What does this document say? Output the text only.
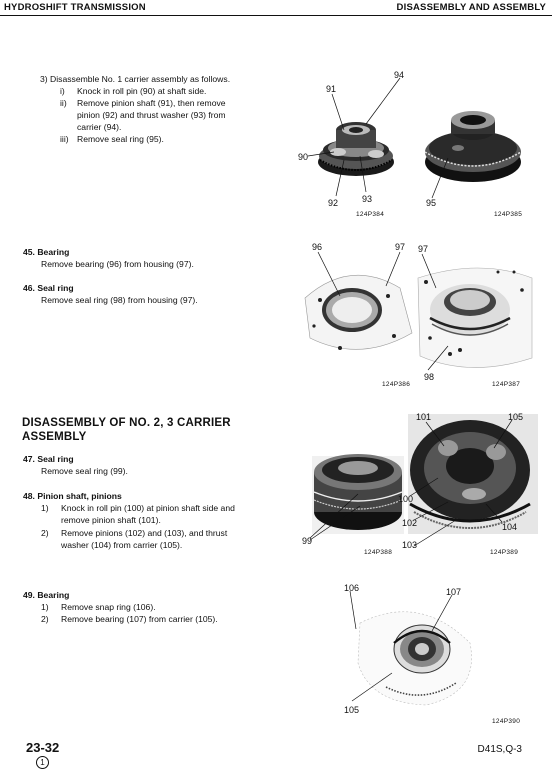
HYDROSHIFT TRANSMISSION	DISASSEMBLY AND ASSEMBLY
3) Disassemble No. 1 carrier assembly as follows.
i) Knock in roll pin (90) at shaft side.
ii) Remove pinion shaft (91), then remove
pinion (92) and thrust washer (93) from
carrier (94).
iii) Remove seal ring (95).
45. Bearing
Remove bearing (96) from housing (97).
46. Seal ring
Remove seal ring (98) from housing (97).
DISASSEMBLY OF NO. 2, 3 CARRIER
ASSEMBLY
47. Seal ring
Remove seal ring (99).
48. Pinion shaft, pinions
1) Knock in roll pin (100) at pinion shaft side and
remove pinion shaft (101).
2) Remove pinions (102) and (103), and thrust
washer (104) from carrier (105).
49. Bearing
1) Remove snap ring (106).
2) Remove bearing (107) from carrier (105).
91
94
90
92	93	95
124P384	124P385
96	97 97
98
124P386	124P387
101	105
100
102	104
99	103
124P388	124P389
106	107
105
124P390
23-32
1
D41S,Q-3
